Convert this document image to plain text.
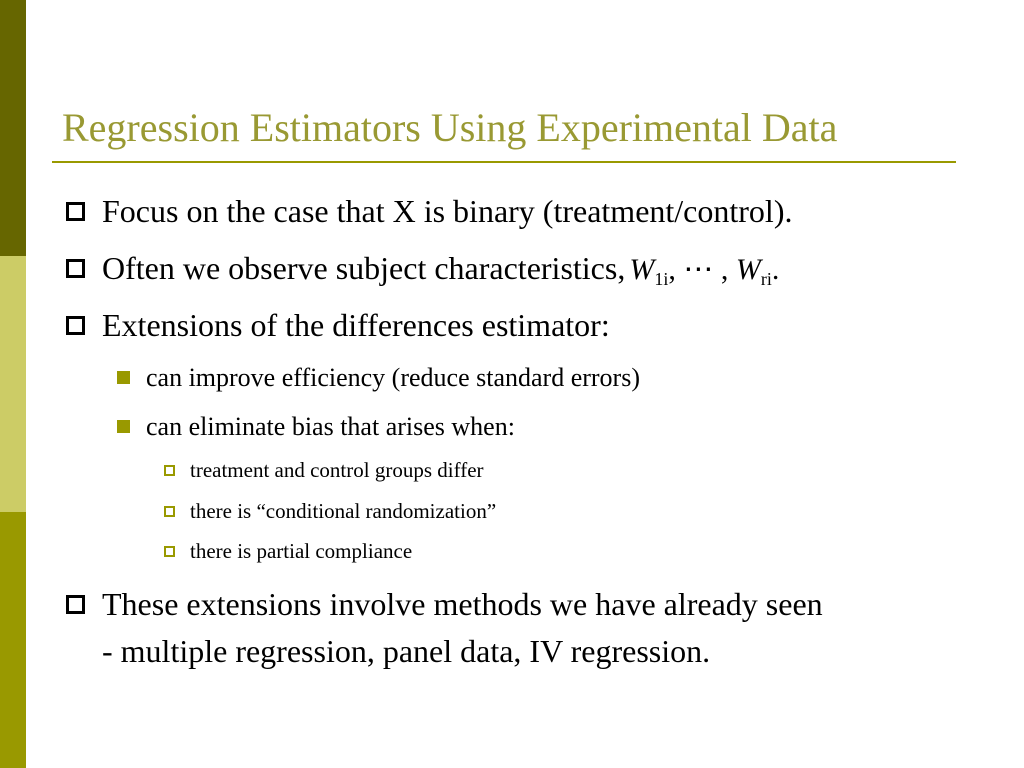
Regression Estimators Using Experimental Data
Focus on the case that X is binary (treatment/control).
Often we observe subject characteristics, $W_{1i}$, ⋯ , $W_{ri}$.
Extensions of the differences estimator:
can improve efficiency (reduce standard errors)
can eliminate bias that arises when:
treatment and control groups differ
there is “conditional randomization”
there is partial compliance
These extensions involve methods we have already seen
- multiple regression, panel data, IV regression.
